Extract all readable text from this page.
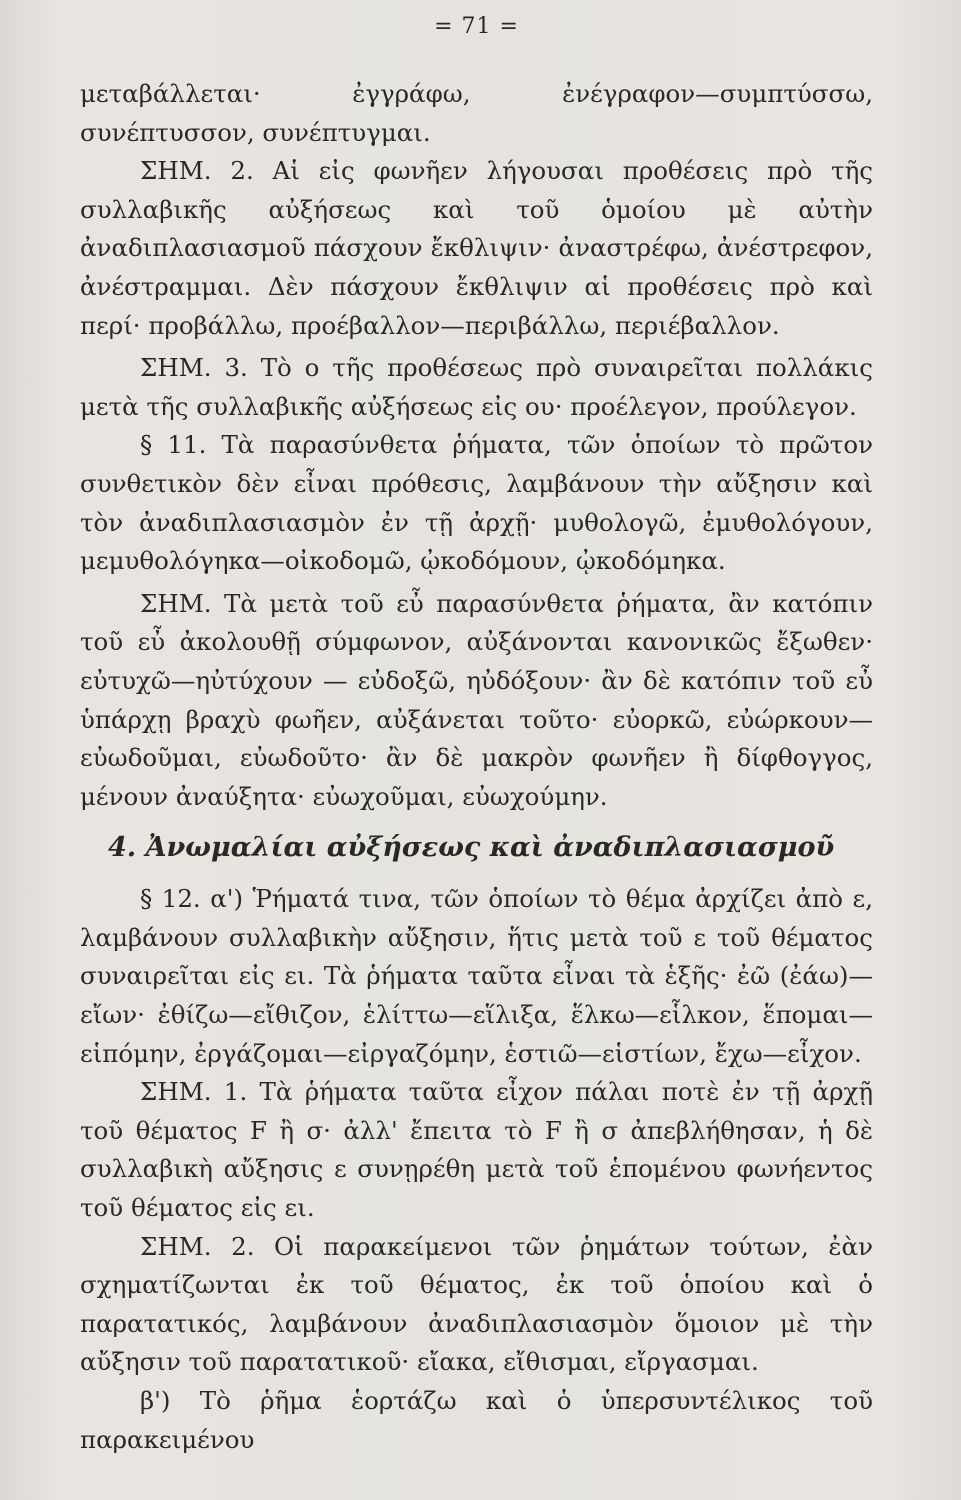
= 71 =

μεταβάλλεται· ἐγγράφω, ἐνέγραφον—συμπτύσσω, συνέπτυσσον, συνέπτυγμαι.

ΣΗΜ. 2. Αἱ εἰς φωνῆεν λήγουσαι προθέσεις πρὸ τῆς συλλαβικῆς αὐξήσεως καὶ τοῦ ὁμοίου μὲ αὐτὴν ἀναδιπλασιασμοῦ πάσχουν ἔκθλιψιν· ἀναστρέφω, ἀνέστρεφον, ἀνέστραμμαι. Δὲν πάσχουν ἔκθλιψιν αἱ προθέσεις πρὸ καὶ περί· προβάλλω, προέβαλλον—περιβάλλω, περιέβαλλον.

ΣΗΜ. 3. Τὸ ο τῆς προθέσεως πρὸ συναιρεῖται πολλάκις μετὰ τῆς συλλαβικῆς αὐξήσεως εἰς ου· προέλεγον, προύλεγον.

§ 11. Τὰ παρασύνθετα ῥήματα, τῶν ὁποίων τὸ πρῶτον συνθετικὸν δὲν εἶναι πρόθεσις, λαμβάνουν τὴν αὔξησιν καὶ τὸν ἀναδιπλασιασμὸν ἐν τῇ ἀρχῇ· μυθολογῶ, ἐμυθολόγουν, μεμυθολόγηκα—οἰκοδομῶ, ᾠκοδόμουν, ᾠκοδόμηκα.

ΣΗΜ. Τὰ μετὰ τοῦ εὖ παρασύνθετα ῥήματα, ἂν κατόπιν τοῦ εὖ ἀκολουθῇ σύμφωνον, αὐξάνονται κανονικῶς ἔξωθεν· εὐτυχῶ—ηὐτύχουν — εὐδοξῶ, ηὐδόξουν· ἂν δὲ κατόπιν τοῦ εὖ ὑπάρχῃ βραχὺ φωῆεν, αὐξάνεται τοῦτο· εὐορκῶ, εὐώρκουν—εὐωδοῦμαι, εὐωδοῦτο· ἂν δὲ μακρὸν φωνῆεν ἢ δίφθογγος, μένουν ἀναύξητα· εὐωχοῦμαι, εὐωχούμην.

4. Ἀνωμαλίαι αὐξήσεως καὶ ἀναδιπλασιασμοῦ

§ 12. α') Ῥήματά τινα, τῶν ὁποίων τὸ θέμα ἀρχίζει ἀπὸ ε, λαμβάνουν συλλαβικὴν αὔξησιν, ἥτις μετὰ τοῦ ε τοῦ θέματος συναιρεῖται εἰς ει. Τὰ ῥήματα ταῦτα εἶναι τὰ ἑξῆς· ἐῶ (ἐάω)—εἴων· ἐθίζω—εἴθιζον, ἑλίττω—εἵλιξα, ἕλκω—εἷλκον, ἕπομαι—εἱπόμην, ἐργάζομαι—εἰργαζόμην, ἑστιῶ—εἱστίων, ἔχω—εἶχον.

ΣΗΜ. 1. Τὰ ῥήματα ταῦτα εἶχον πάλαι ποτὲ ἐν τῇ ἀρχῇ τοῦ θέματος F ἢ σ· ἀλλ' ἔπειτα τὸ F ἢ σ ἀπεβλήθησαν, ἡ δὲ συλλαβικὴ αὔξησις ε συνῃρέθη μετὰ τοῦ ἑπομένου φωνήεντος τοῦ θέματος εἰς ει.

ΣΗΜ. 2. Οἱ παρακείμενοι τῶν ῥημάτων τούτων, ἐὰν σχηματίζωνται ἐκ τοῦ θέματος, ἐκ τοῦ ὁποίου καὶ ὁ παρατατικός, λαμβάνουν ἀναδιπλασιασμὸν ὅμοιον μὲ τὴν αὔξησιν τοῦ παρατατικοῦ· εἴακα, εἴθισμαι, εἴργασμαι.

β') Τὸ ῥῆμα ἑορτάζω καὶ ὁ ὑπερσυντέλικος τοῦ παρακειμένου
